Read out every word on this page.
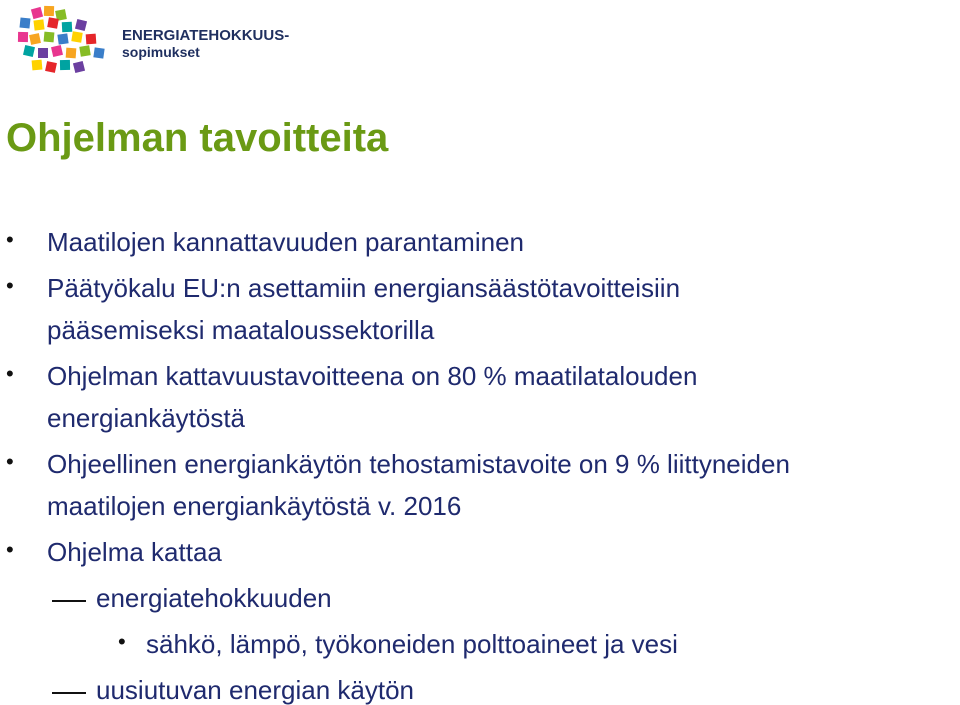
ENERGIATEHOKKUUS-
sopimukset
Ohjelman tavoitteita
• Maatilojen kannattavuuden parantaminen
• Päätyökalu EU:n asettamiin energiansäästötavoitteisiin
pääsemiseksi maataloussektorilla
• Ohjelman kattavuustavoitteena on 80 % maatilatalouden
energiankäytöstä
• Ohjeellinen energiankäytön tehostamistavoite on 9 % liittyneiden
maatilojen energiankäytöstä v. 2016
• Ohjelma kattaa
energiatehokkuuden
• sähkö, lämpö, työkoneiden polttoaineet ja vesi
uusiutuvan energian käytön
